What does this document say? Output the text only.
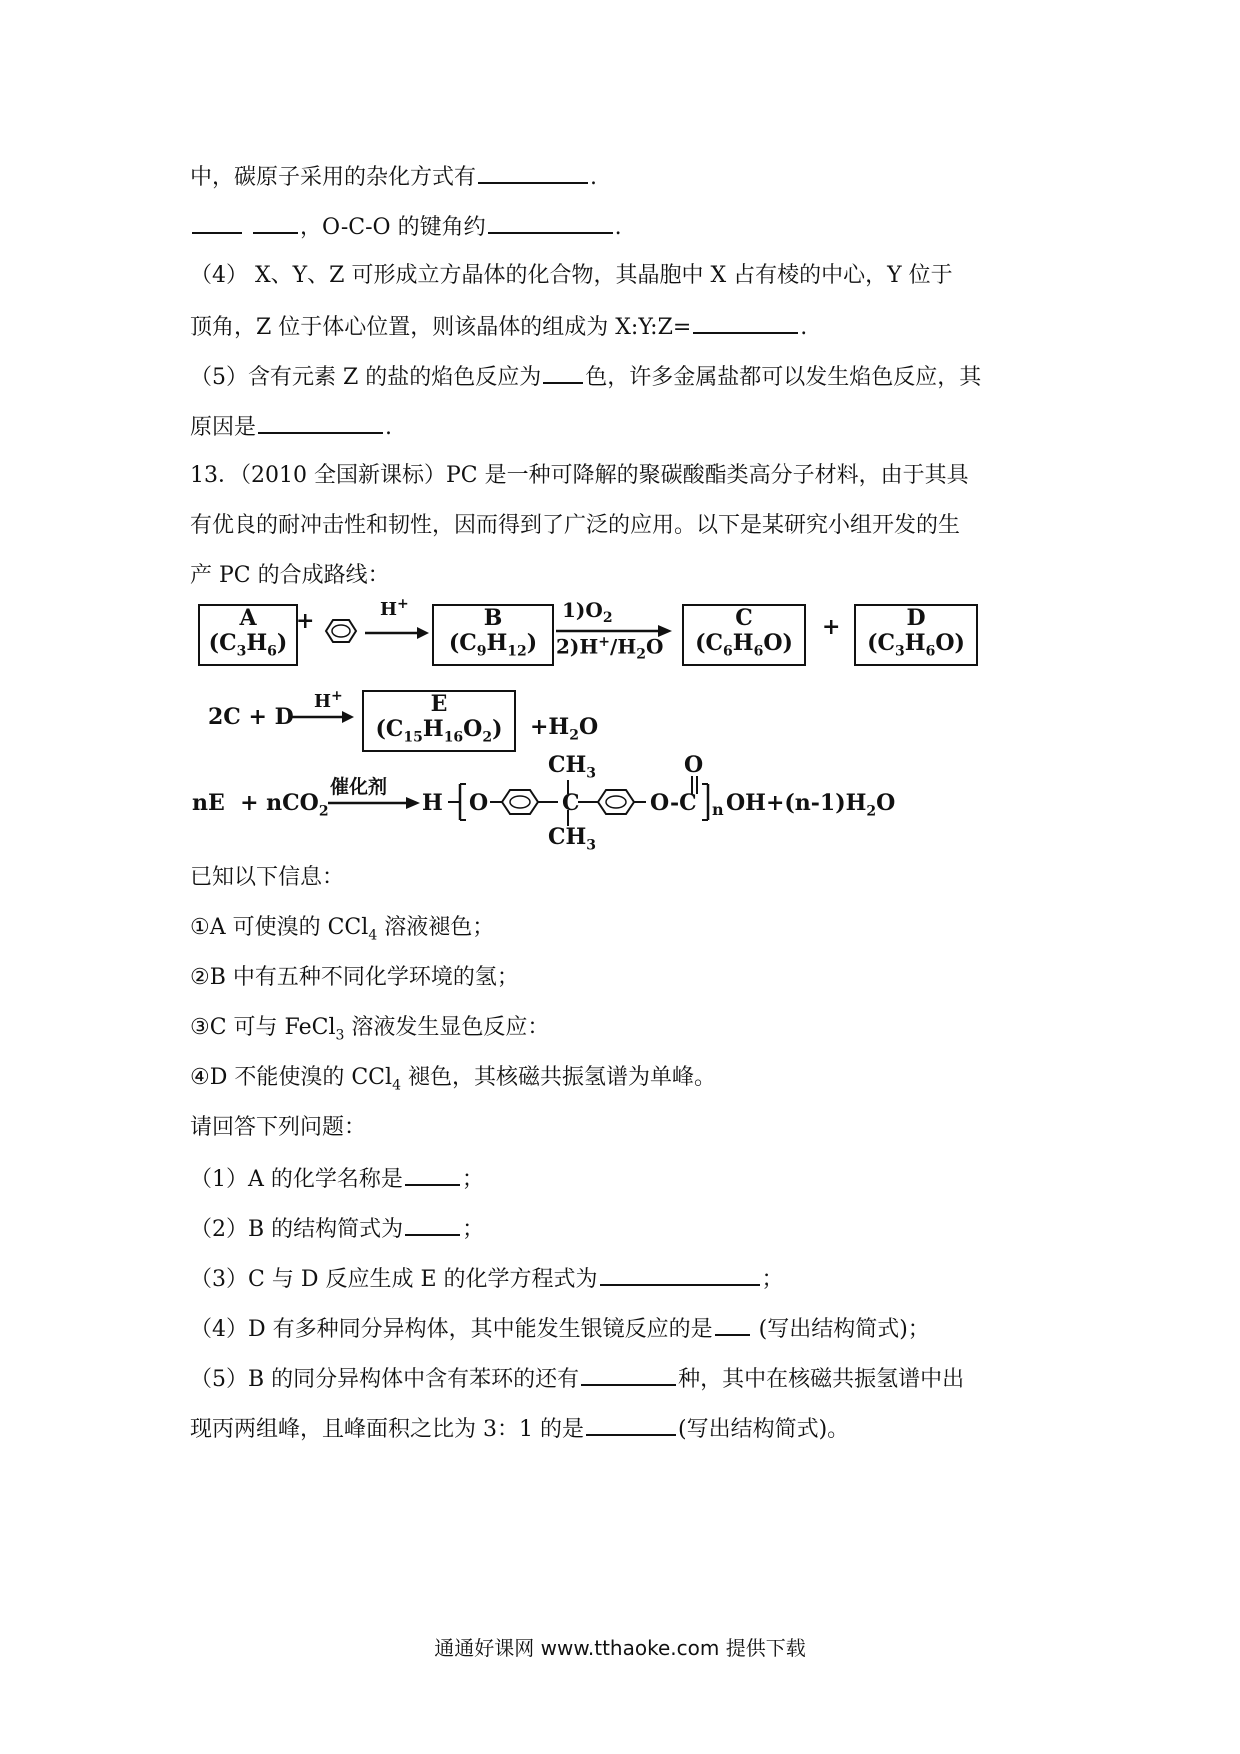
中，碳原子采用的杂化方式有	.
，O-C-O 的键角约	.
（4） X、Y、Z 可形成立方晶体的化合物，其晶胞中 X 占有棱的中心，Y 位于
顶角，Z 位于体心位置，则该晶体的组成为 X:Y:Z=	.
（5）含有元素 Z 的盐的焰色反应为 色，许多金属盐都可以发生焰色反应，其
原因是	.
13．（2010 全国新课标）PC 是一种可降解的聚碳酸酯类高分子材料，由于其具
有优良的耐冲击性和韧性，因而得到了广泛的应用。以下是某研究小组开发的生
产 PC 的合成路线：
A
$(C_3H_6)$
+	H+
B
$(C_9H_{12})$
$1)O_2$
$2)H^+/H_2O$
C
$(C_6H_6O)$
+	D
$(C_3H_6O)$
2C + D
H+	E
$(C_{15}H_{16}O_2)$	$+H_2O$
nE  + nCO$_2$
催化剂
H O	C
$CH_3$
$CH_3$
O-C
O
n $OH+(n-1)H_2O$
已知以下信息：
①A 可使溴的 CCl$_4$ 溶液褪色；
②B 中有五种不同化学环境的氢；
③C 可与 FeCl$_3$ 溶液发生显色反应：
④D 不能使溴的 CCl$_4$ 褪色，其核磁共振氢谱为单峰。
请回答下列问题：
（1）A 的化学名称是	；
（2）B 的结构简式为	；
（3）C 与 D 反应生成 E 的化学方程式为	；
（4）D 有多种同分异构体，其中能发生银镜反应的是 (写出结构简式)；
（5）B 的同分异构体中含有苯环的还有	种，其中在核磁共振氢谱中出
现丙两组峰，且峰面积之比为 3：1 的是	(写出结构简式)。
通通好课网 www.tthaoke.com 提供下载
